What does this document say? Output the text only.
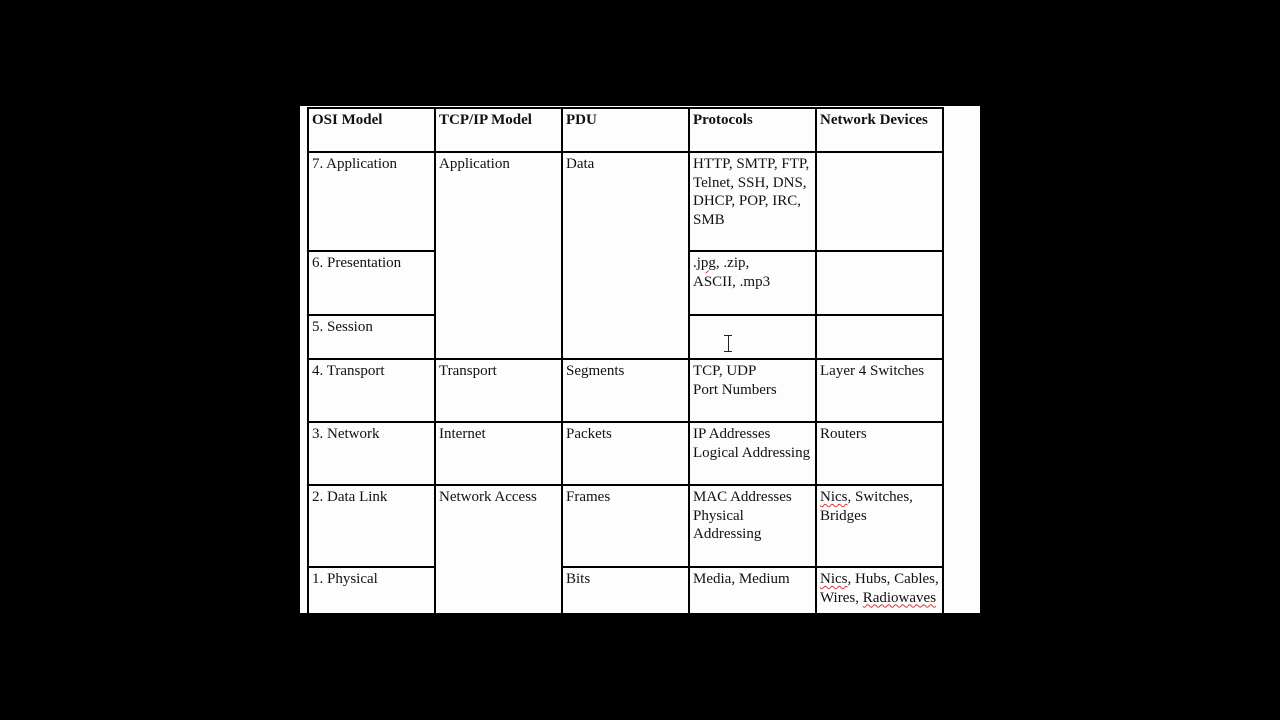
OSI Model	TCP/IP Model	PDU	Protocols	Network Devices
7. Application	Application	Data	HTTP, SMTP, FTP,
Telnet, SSH, DNS,
DHCP, POP, IRC,
SMB	

6. Presentation			.jpg, .zip,
ASCII, .mp3	

5. Session				
4. Transport	Transport	Segments	TCP, UDP
Port Numbers	Layer 4 Switches

3. Network	Internet	Packets	IP Addresses
Logical Addressing	Routers

2. Data Link	Network Access	Frames	MAC Addresses
Physical
Addressing	Nics, Switches,
Bridges

1. Physical		Bits	Media, Medium	Nics, Hubs, Cables,
Wires, Radiowaves
